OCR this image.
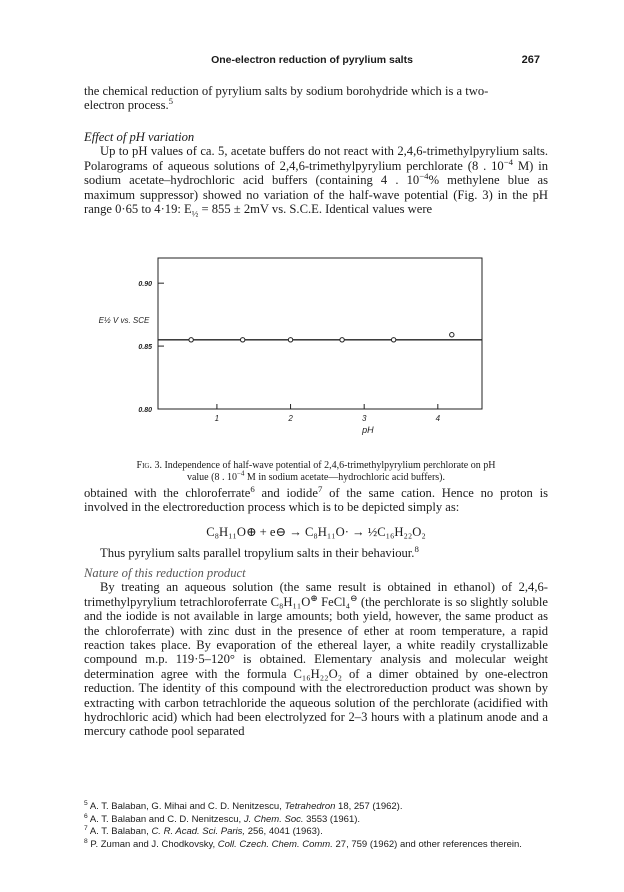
One-electron reduction of pyrylium salts	267

the chemical reduction of pyrylium salts by sodium borohydride which is a two-
electron process.$^5$

Effect of pH variation

Up to pH values of ca. 5, acetate buffers do not react with 2,4,6-trimethylpyrylium salts. Polarograms of aqueous solutions of 2,4,6-trimethylpyrylium perchlorate (8 . $10^{-4}$ M) in sodium acetate–hydrochloric acid buffers (containing 4 . $10^{-4}\%$ methylene blue as maximum suppressor) showed no variation of the half-wave potential (Fig. 3) in the pH range 0·65 to 4·19: $E_{\frac{1}{2}} = 855 \pm 2mV$ vs. S.C.E. Identical values were

0.80
0.85
0.90
1	2	3	4
E½ V vs. SCE
pH
Fig. 3. Independence of half-wave potential of 2,4,6-trimethylpyrylium perchlorate on pH
value (8 . $10^{-4}$ M in sodium acetate—hydrochloric acid buffers).

obtained with the chloroferrate$^6$ and iodide$^7$ of the same cation. Hence no proton is involved in the electroreduction process which is to be depicted simply as:

C₈H₁₁O⊕ + e⊖ → C₈H₁₁O· → ½C₁₆H₂₂O₂

Thus pyrylium salts parallel tropylium salts in their behaviour.$^8$

Nature of this reduction product

By treating an aqueous solution (the same result is obtained in ethanol) of 2,4,6-trimethylpyrylium tetrachloroferrate C₈H₁₁O⊕ FeCl₄⊖ (the perchlorate is so slightly soluble and the iodide is not available in large amounts; both yield, however, the same product as the chloroferrate) with zinc dust in the presence of ether at room temperature, a rapid reaction takes place. By evaporation of the ethereal layer, a white readily crystallizable compound m.p. 119·5–120° is obtained. Elementary analysis and molecular weight determination agree with the formula C₁₆H₂₂O₂ of a dimer obtained by one-electron reduction. The identity of this compound with the electroreduction product was shown by extracting with carbon tetrachloride the aqueous solution of the perchlorate (acidified with hydrochloric acid) which had been electrolyzed for 2–3 hours with a platinum anode and a mercury cathode pool separated

$^5$ A. T. Balaban, G. Mihai and C. D. Nenitzescu, Tetrahedron 18, 257 (1962).

$^6$ A. T. Balaban and C. D. Nenitzescu, J. Chem. Soc. 3553 (1961).

$^7$ A. T. Balaban, C. R. Acad. Sci. Paris, 256, 4041 (1963).

$^8$ P. Zuman and J. Chodkovsky, Coll. Czech. Chem. Comm. 27, 759 (1962) and other references therein.
